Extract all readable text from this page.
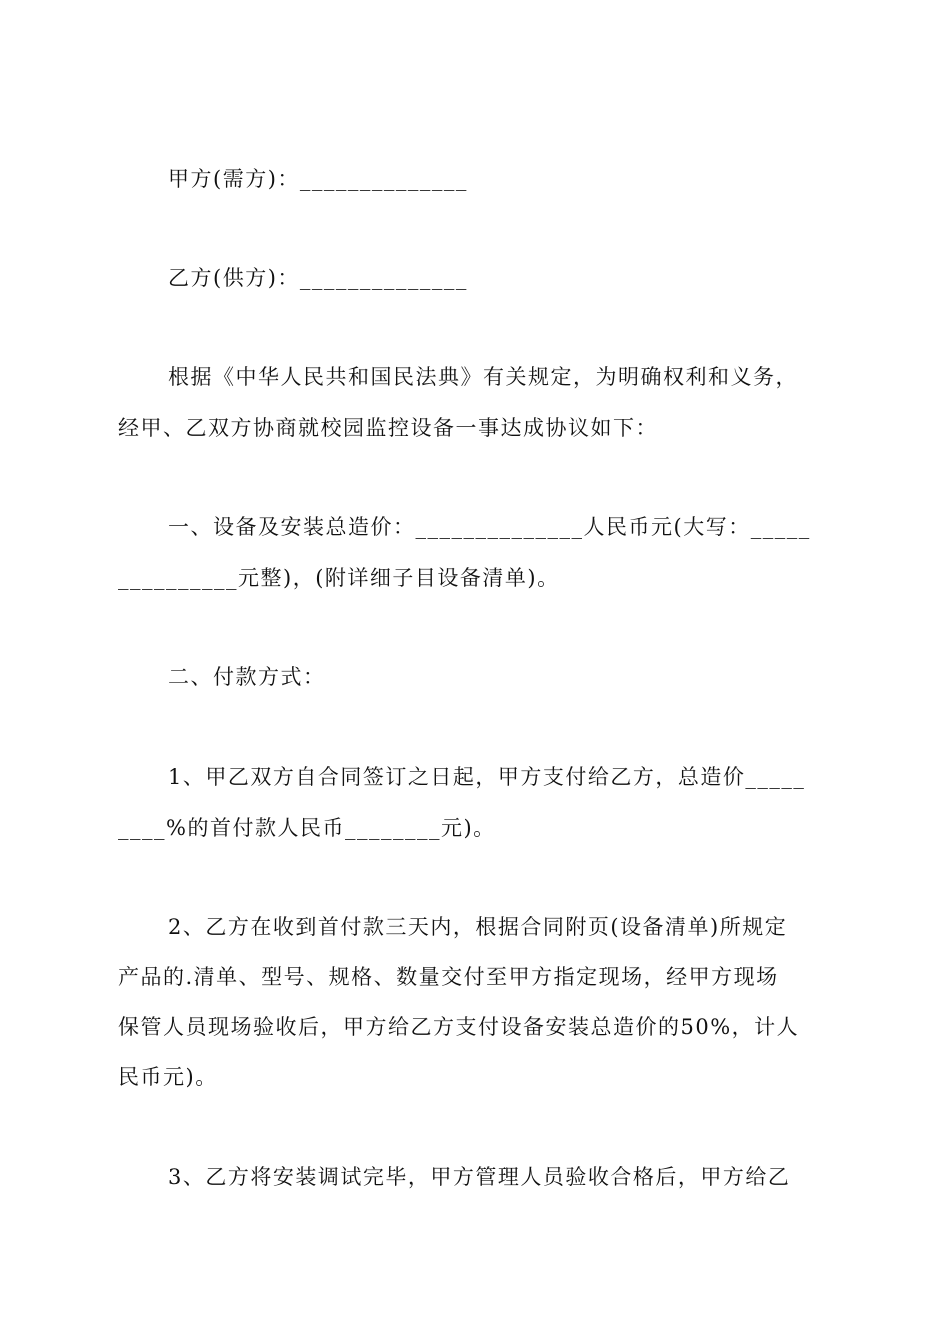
甲方(需方)：______________
乙方(供方)：______________
根据《中华人民共和国民法典》有关规定，为明确权利和义务，
经甲、乙双方协商就校园监控设备一事达成协议如下：
一、设备及安装总造价：______________人民币元(大写：_____
__________元整)，(附详细子目设备清单)。
二、付款方式：
1、甲乙双方自合同签订之日起，甲方支付给乙方，总造价_____
____%的首付款人民币________元)。
2、乙方在收到首付款三天内，根据合同附页(设备清单)所规定
产品的.清单、型号、规格、数量交付至甲方指定现场，经甲方现场
保管人员现场验收后，甲方给乙方支付设备安装总造价的50%，计人
民币元)。
3、乙方将安装调试完毕，甲方管理人员验收合格后，甲方给乙
